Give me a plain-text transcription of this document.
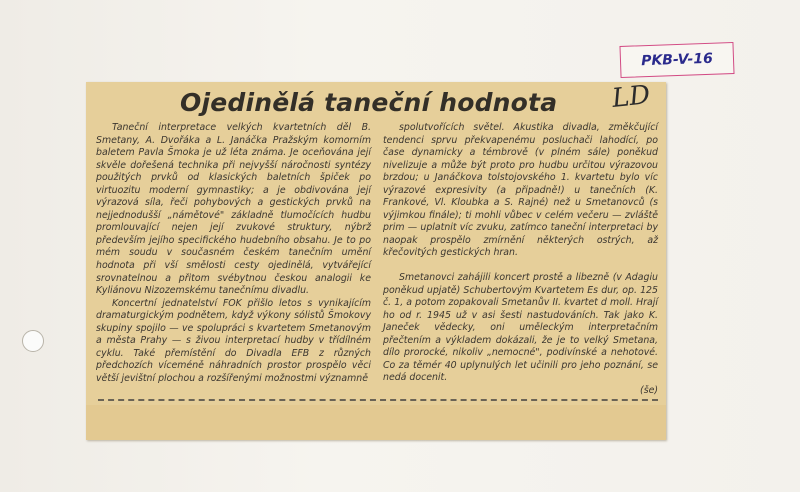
PKB-V-16
LD
Ojedinělá taneční hodnota

Taneční interpretace velkých kvartetních děl B. Smetany, A. Dvořáka a L. Janáčka Pražským komorním baletem Pavla Šmoka je už léta známa. Je oceňována její skvěle dořešená technika při nejvyšší náročnosti syntézy použitých prvků od klasických baletních špiček po virtuozitu moderní gymnastiky; a je obdivována její výrazová síla, řeči pohybových a gestických prvků na nejjednodušší „námětové" základně tlumočících hudbu promlouvající nejen její zvukové struktury, nýbrž především jejího specifického hudebního obsahu. Je to po mém soudu v současném českém tanečním umění hodnota při vší smělosti cesty ojedinělá, vytvářející srovnatelnou a přitom svébytnou českou analogii ke Kyliánovu Nizozemskému tanečnímu divadlu.

Koncertní jednatelství FOK přišlo letos s vynikajícím dramaturgickým podnětem, když výkony sólistů Šmokovy skupiny spojilo — ve spolupráci s kvartetem Smetanovým a města Prahy — s živou interpretací hudby v třídílném cyklu. Také přemístění do Divadla EFB z různých předchozích víceméně náhradních prostor prospělo věci větší jevištní plochou a rozšířenými možnostmi významně

spolutvořících světel. Akustika divadla, změkčující tendenci sprvu překvapenému posluchači lahodící, po čase dynamicky a témbrově (v plném sále) poněkud nivelizuje a může být proto pro hudbu určitou výrazovou brzdou; u Janáčkova tolstojovského 1. kvartetu bylo víc výrazové expresivity (a připadně!) u tanečních (K. Frankové, Vl. Kloubka a S. Rajné) než u Smetanovců (s výjimkou finále); ti mohli vůbec v celém večeru — zvláště prim — uplatnit víc zvuku, zatímco taneční interpretaci by naopak prospělo zmírnění některých ostrých, až křečovitých gestických hran.

Smetanovci zahájili koncert prostě a libezně (v Adagiu poněkud upjatě) Schubertovým Kvartetem Es dur, op. 125 č. 1, a potom zopakovali Smetanův II. kvartet d moll. Hrají ho od r. 1945 už v asi šesti nastudováních. Tak jako K. Janeček vědecky, oni uměleckým interpretačním přečtením a výkladem dokázali, že je to velký Smetana, dílo prorocké, nikoliv „nemocné", podivínské a nehotové. Co za těmér 40 uplynulých let učinili pro jeho poznání, se nedá docenit.

(še)
